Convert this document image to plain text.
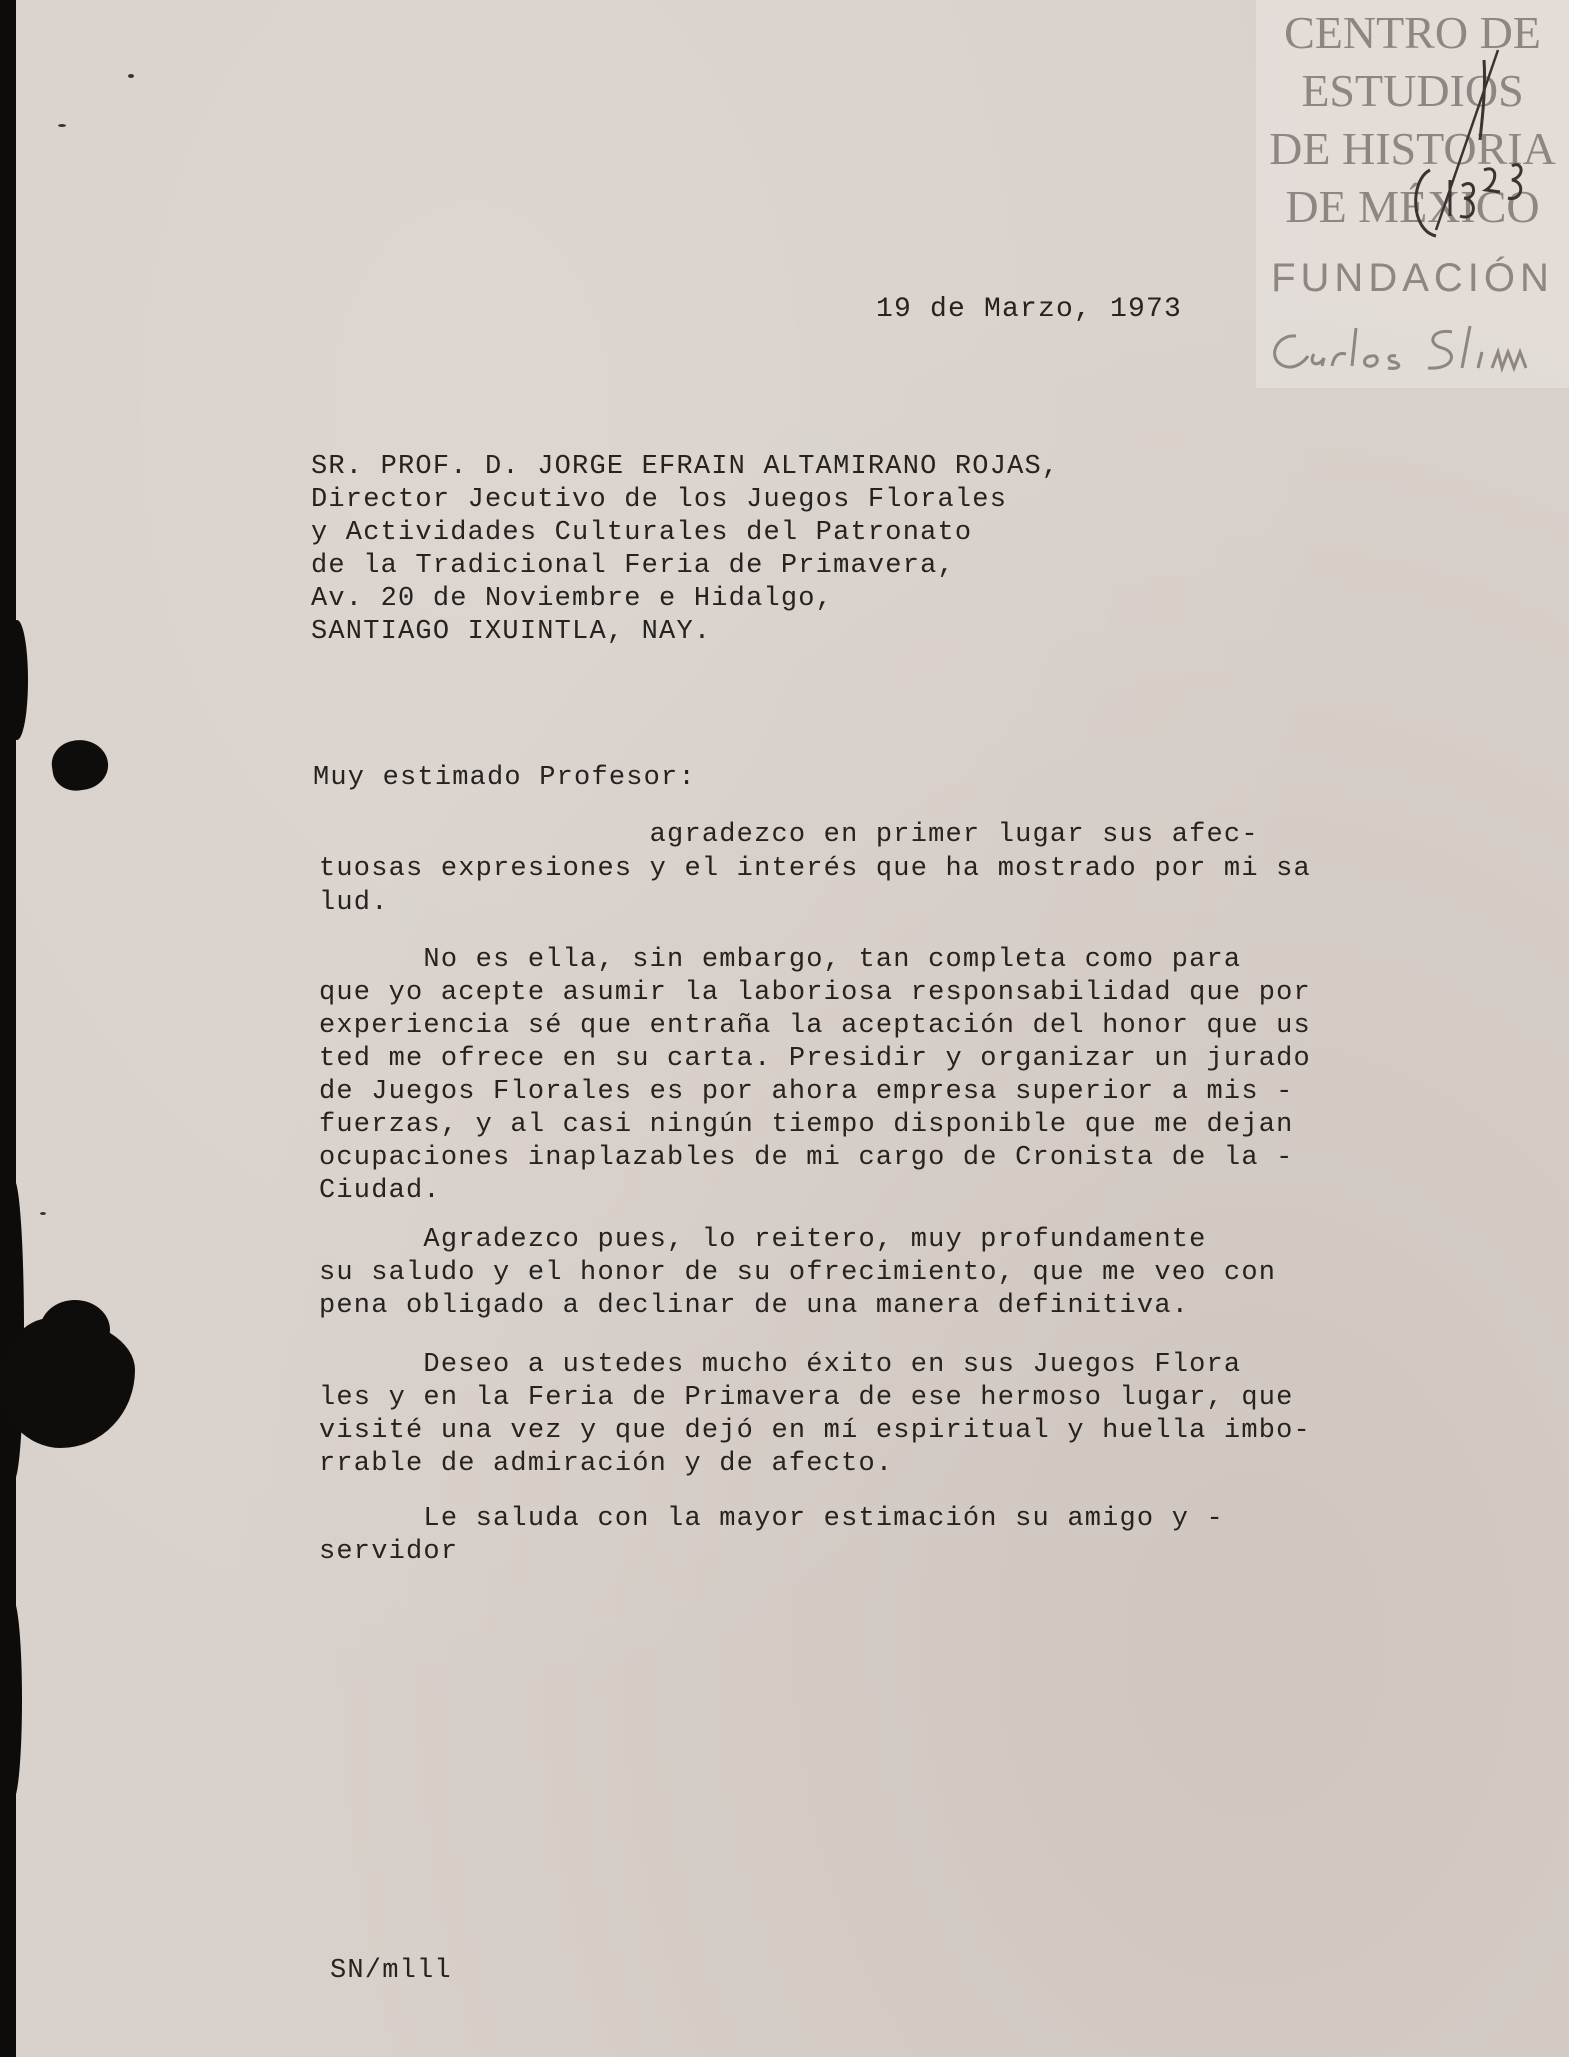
CENTRO DE
ESTUDIOS
DE HISTORIA
DE MÉXICO
FUNDACIÓN
19 de Marzo, 1973
SR. PROF. D. JORGE EFRAIN ALTAMIRANO ROJAS,
Director Jecutivo de los Juegos Florales
y Actividades Culturales del Patronato
de la Tradicional Feria de Primavera,
Av. 20 de Noviembre e Hidalgo,
SANTIAGO IXUINTLA, NAY.
Muy estimado Profesor:
agradezco en primer lugar sus afec-
tuosas expresiones y el interés que ha mostrado por mi sa
lud.
No es ella, sin embargo, tan completa como para
que yo acepte asumir la laboriosa responsabilidad que por
experiencia sé que entraña la aceptación del honor que us
ted me ofrece en su carta. Presidir y organizar un jurado
de Juegos Florales es por ahora empresa superior a mis -
fuerzas, y al casi ningún tiempo disponible que me dejan
ocupaciones inaplazables de mi cargo de Cronista de la -
Ciudad.
Agradezco pues, lo reitero, muy profundamente
su saludo y el honor de su ofrecimiento, que me veo con
pena obligado a declinar de una manera definitiva.
Deseo a ustedes mucho éxito en sus Juegos Flora
les y en la Feria de Primavera de ese hermoso lugar, que
visité una vez y que dejó en mí espiritual y huella imbo-
rrable de admiración y de afecto.
Le saluda con la mayor estimación su amigo y -
servidor
SN/mlll
